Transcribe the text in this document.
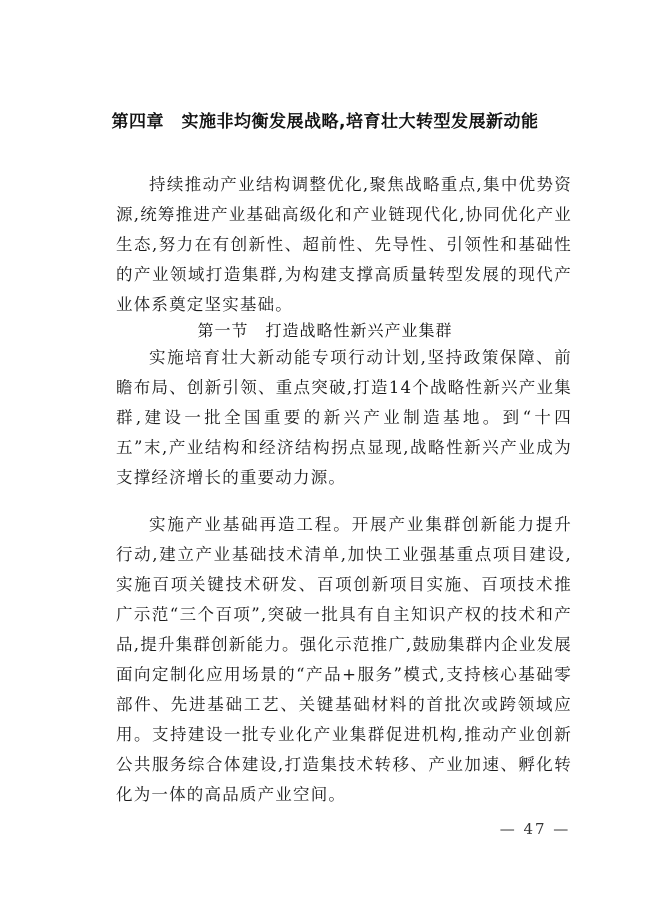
第四章　实施非均衡发展战略,培育壮大转型发展新动能

持续推动产业结构调整优化,聚焦战略重点,集中优势资源,统筹推进产业基础高级化和产业链现代化,协同优化产业生态,努力在有创新性、超前性、先导性、引领性和基础性的产业领域打造集群,为构建支撑高质量转型发展的现代产业体系奠定坚实基础。

第一节　打造战略性新兴产业集群

实施培育壮大新动能专项行动计划,坚持政策保障、前瞻布局、创新引领、重点突破,打造14个战略性新兴产业集群,建设一批全国重要的新兴产业制造基地。到“十四五”末,产业结构和经济结构拐点显现,战略性新兴产业成为支撑经济增长的重要动力源。

实施产业基础再造工程。开展产业集群创新能力提升行动,建立产业基础技术清单,加快工业强基重点项目建设,实施百项关键技术研发、百项创新项目实施、百项技术推广示范“三个百项”,突破一批具有自主知识产权的技术和产品,提升集群创新能力。强化示范推广,鼓励集群内企业发展面向定制化应用场景的“产品+服务”模式,支持核心基础零部件、先进基础工艺、关键基础材料的首批次或跨领域应用。支持建设一批专业化产业集群促进机构,推动产业创新公共服务综合体建设,打造集技术转移、产业加速、孵化转化为一体的高品质产业空间。

— 47 —
